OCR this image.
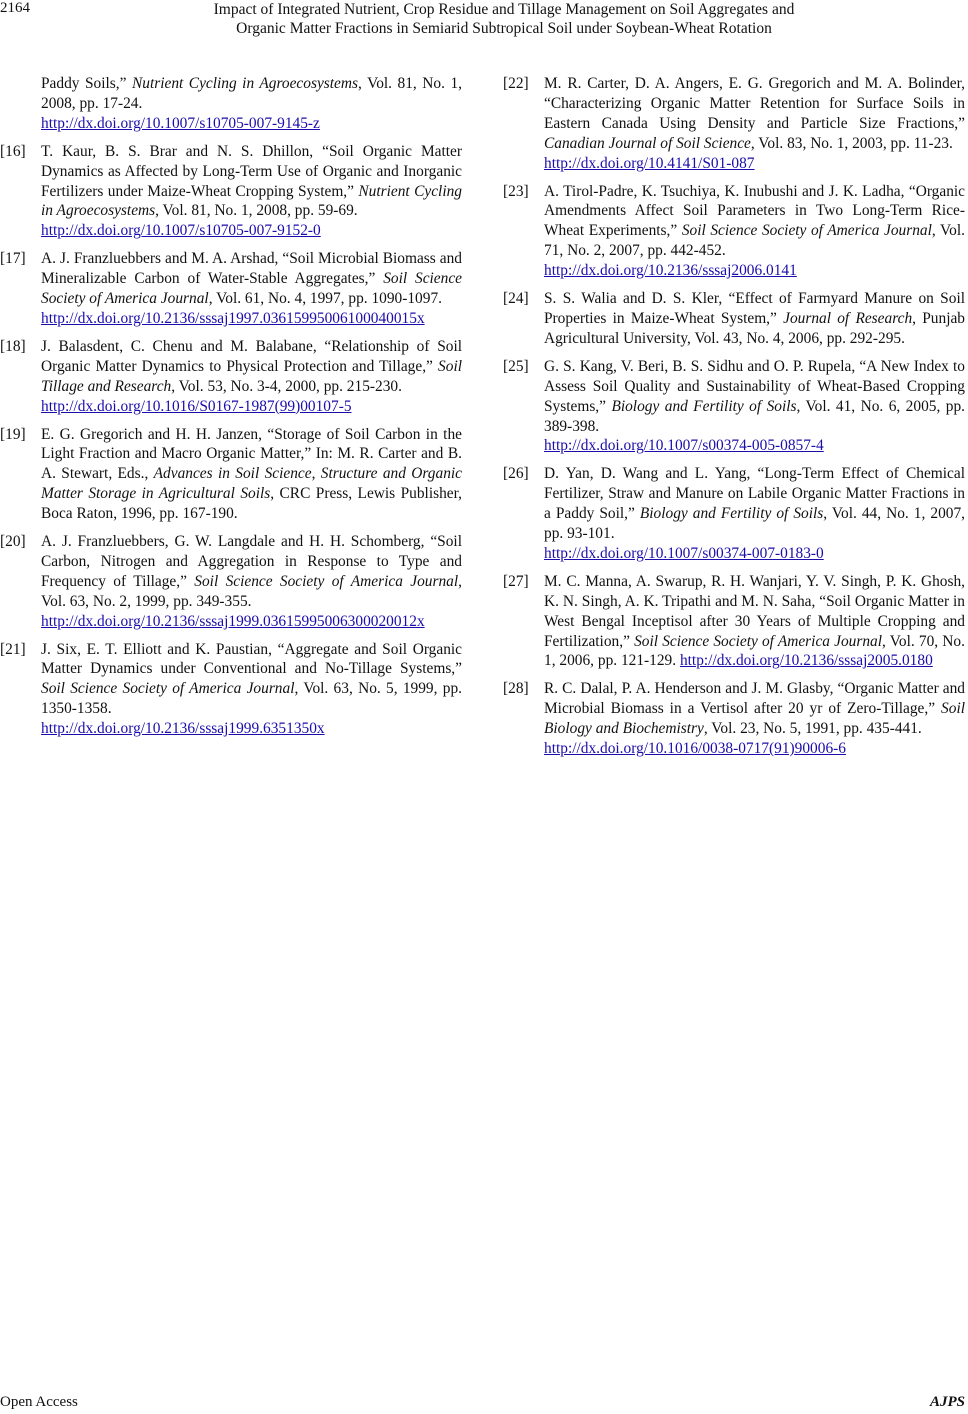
2164	Impact of Integrated Nutrient, Crop Residue and Tillage Management on Soil Aggregates and
Organic Matter Fractions in Semiarid Subtropical Soil under Soybean-Wheat Rotation
Paddy Soils,” Nutrient Cycling in Agroecosystems, Vol. 81, No. 1, 2008, pp. 17-24.
http://dx.doi.org/10.1007/s10705-007-9145-z
[16] T. Kaur, B. S. Brar and N. S. Dhillon, “Soil Organic Matter Dynamics as Affected by Long-Term Use of Organic and Inorganic Fertilizers under Maize-Wheat Cropping System,” Nutrient Cycling in Agroecosystems, Vol. 81, No. 1, 2008, pp. 59-69.
http://dx.doi.org/10.1007/s10705-007-9152-0
[17] A. J. Franzluebbers and M. A. Arshad, “Soil Microbial Biomass and Mineralizable Carbon of Water-Stable Aggregates,” Soil Science Society of America Journal, Vol. 61, No. 4, 1997, pp. 1090-1097.
http://dx.doi.org/10.2136/sssaj1997.03615995006100040015x
[18] J. Balasdent, C. Chenu and M. Balabane, “Relationship of Soil Organic Matter Dynamics to Physical Protection and Tillage,” Soil Tillage and Research, Vol. 53, No. 3-4, 2000, pp. 215-230.
http://dx.doi.org/10.1016/S0167-1987(99)00107-5
[19] E. G. Gregorich and H. H. Janzen, “Storage of Soil Carbon in the Light Fraction and Macro Organic Matter,” In: M. R. Carter and B. A. Stewart, Eds., Advances in Soil Science, Structure and Organic Matter Storage in Agricultural Soils, CRC Press, Lewis Publisher, Boca Raton, 1996, pp. 167-190.
[20] A. J. Franzluebbers, G. W. Langdale and H. H. Schomberg, “Soil Carbon, Nitrogen and Aggregation in Response to Type and Frequency of Tillage,” Soil Science Society of America Journal, Vol. 63, No. 2, 1999, pp. 349-355.
http://dx.doi.org/10.2136/sssaj1999.03615995006300020012x
[21] J. Six, E. T. Elliott and K. Paustian, “Aggregate and Soil Organic Matter Dynamics under Conventional and No-Tillage Systems,” Soil Science Society of America Journal, Vol. 63, No. 5, 1999, pp. 1350-1358.
http://dx.doi.org/10.2136/sssaj1999.6351350x
[22] M. R. Carter, D. A. Angers, E. G. Gregorich and M. A. Bolinder, “Characterizing Organic Matter Retention for Surface Soils in Eastern Canada Using Density and Particle Size Fractions,” Canadian Journal of Soil Science, Vol. 83, No. 1, 2003, pp. 11-23.
http://dx.doi.org/10.4141/S01-087
[23] A. Tirol-Padre, K. Tsuchiya, K. Inubushi and J. K. Ladha, “Organic Amendments Affect Soil Parameters in Two Long-Term Rice-Wheat Experiments,” Soil Science Society of America Journal, Vol. 71, No. 2, 2007, pp. 442-452.
http://dx.doi.org/10.2136/sssaj2006.0141
[24] S. S. Walia and D. S. Kler, “Effect of Farmyard Manure on Soil Properties in Maize-Wheat System,” Journal of Research, Punjab Agricultural University, Vol. 43, No. 4, 2006, pp. 292-295.
[25] G. S. Kang, V. Beri, B. S. Sidhu and O. P. Rupela, “A New Index to Assess Soil Quality and Sustainability of Wheat-Based Cropping Systems,” Biology and Fertility of Soils, Vol. 41, No. 6, 2005, pp. 389-398.
http://dx.doi.org/10.1007/s00374-005-0857-4
[26] D. Yan, D. Wang and L. Yang, “Long-Term Effect of Chemical Fertilizer, Straw and Manure on Labile Organic Matter Fractions in a Paddy Soil,” Biology and Fertility of Soils, Vol. 44, No. 1, 2007, pp. 93-101.
http://dx.doi.org/10.1007/s00374-007-0183-0
[27] M. C. Manna, A. Swarup, R. H. Wanjari, Y. V. Singh, P. K. Ghosh, K. N. Singh, A. K. Tripathi and M. N. Saha, “Soil Organic Matter in West Bengal Inceptisol after 30 Years of Multiple Cropping and Fertilization,” Soil Science Society of America Journal, Vol. 70, No. 1, 2006, pp. 121-129. http://dx.doi.org/10.2136/sssaj2005.0180
[28] R. C. Dalal, P. A. Henderson and J. M. Glasby, “Organic Matter and Microbial Biomass in a Vertisol after 20 yr of Zero-Tillage,” Soil Biology and Biochemistry, Vol. 23, No. 5, 1991, pp. 435-441.
http://dx.doi.org/10.1016/0038-0717(91)90006-6
Open Access	AJPS
